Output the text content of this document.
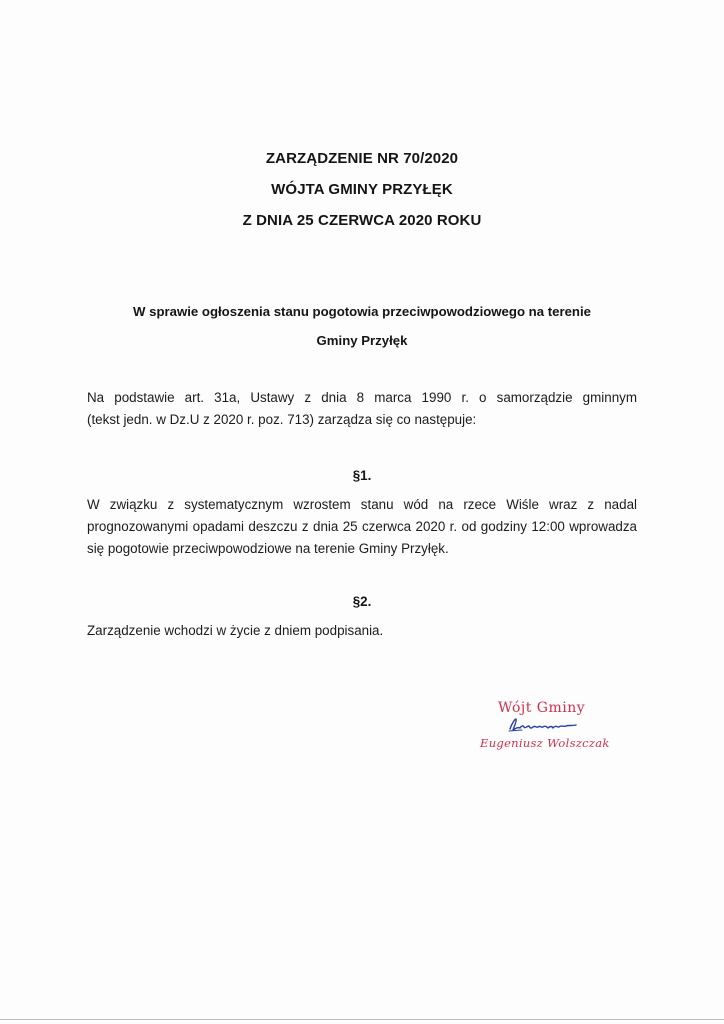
ZARZĄDZENIE NR 70/2020
WÓJTA GMINY PRZYŁĘK
Z DNIA 25 CZERWCA 2020 ROKU
W sprawie ogłoszenia stanu pogotowia przeciwpowodziowego na terenie
Gminy Przyłęk
Na podstawie art. 31a, Ustawy z dnia 8 marca 1990 r. o samorządzie gminnym
(tekst jedn. w Dz.U z 2020 r. poz. 713) zarządza się co następuje:
§1.
W związku z systematycznym wzrostem stanu wód na rzece Wiśle wraz z nadal
prognozowanymi opadami deszczu z dnia 25 czerwca 2020 r. od godziny 12:00 wprowadza
się pogotowie przeciwpowodziowe na terenie Gminy Przyłęk.
§2.
Zarządzenie wchodzi w życie z dniem podpisania.
Wójt Gminy
Eugeniusz Wolszczak
